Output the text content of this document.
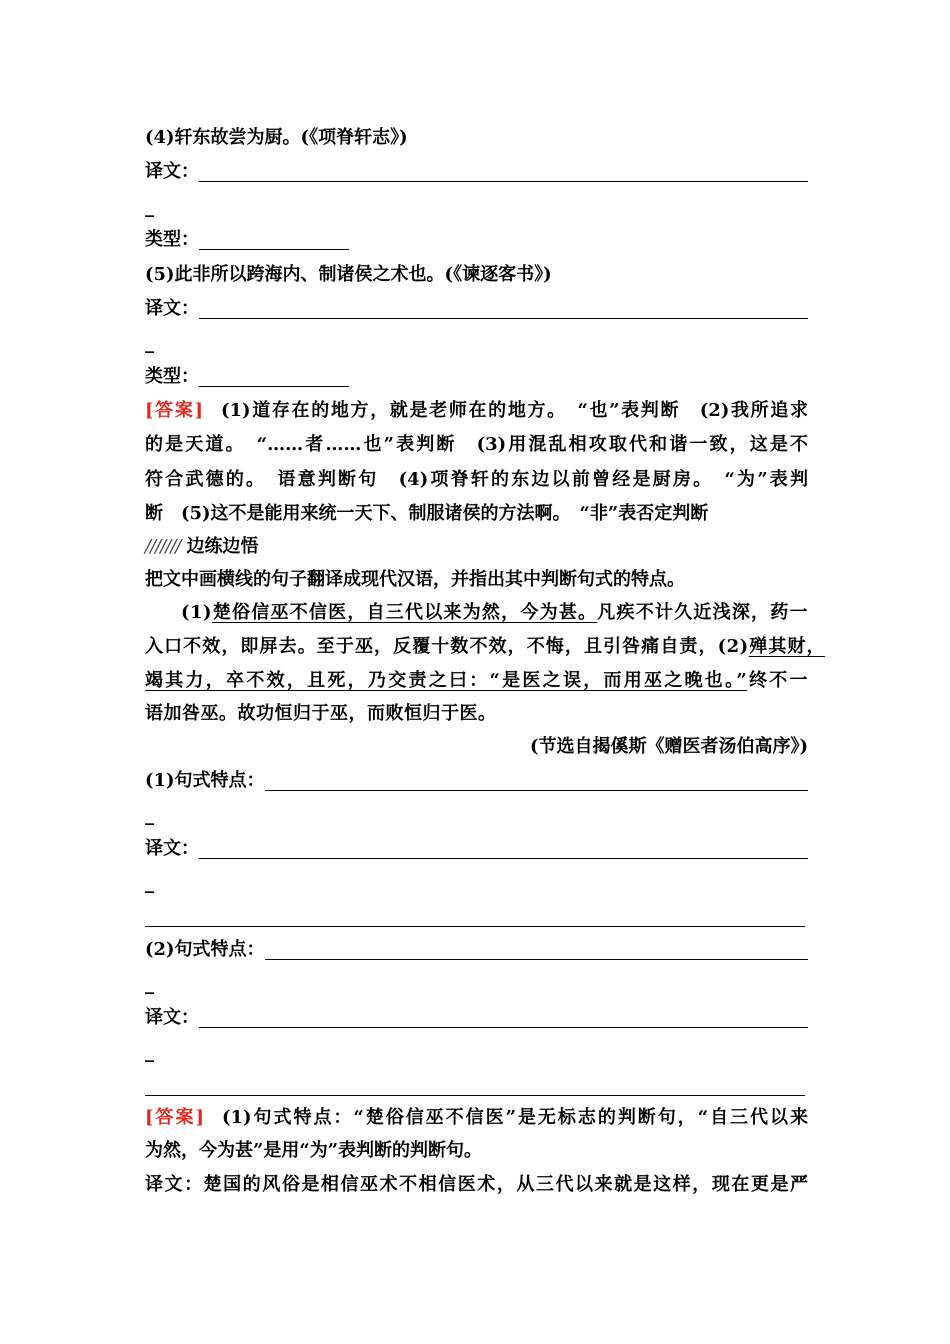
(4)轩东故尝为厨。(《项脊轩志》)
译文：
_
类型：
(5)此非所以跨海内、制诸侯之术也。(《谏逐客书》)
译文：
_
类型：
[答案] (1)道存在的地方，就是老师在的地方。　“也”表判断　(2)我所追求
的是天道。　“……者……也”表判断　(3)用混乱相攻取代和谐一致，这是不
符合武德的。　语意判断句　(4)项脊轩的东边以前曾经是厨房。　“为”表判
断　(5)这不是能用来统一天下、制服诸侯的方法啊。　“非”表否定判断
/////// 边练边悟
把文中画横线的句子翻译成现代汉语，并指出其中判断句式的特点。
(1)楚俗信巫不信医，自三代以来为然，今为甚。凡疾不计久近浅深，药一
入口不效，即屏去。至于巫，反覆十数不效，不悔，且引咎痛自责，(2)殚其财，
竭其力，卒不效，且死，乃交责之曰：“是医之误，而用巫之晚也。”终不一
语加咎巫。故功恒归于巫，而败恒归于医。
(节选自揭傒斯《赠医者汤伯高序》)
(1)句式特点：
_
译文：
_
(2)句式特点：
_
译文：
_
[答案] (1)句式特点：“楚俗信巫不信医”是无标志的判断句，“自三代以来
为然，今为甚”是用“为”表判断的判断句。
译文：楚国的风俗是相信巫术不相信医术，从三代以来就是这样，现在更是严
